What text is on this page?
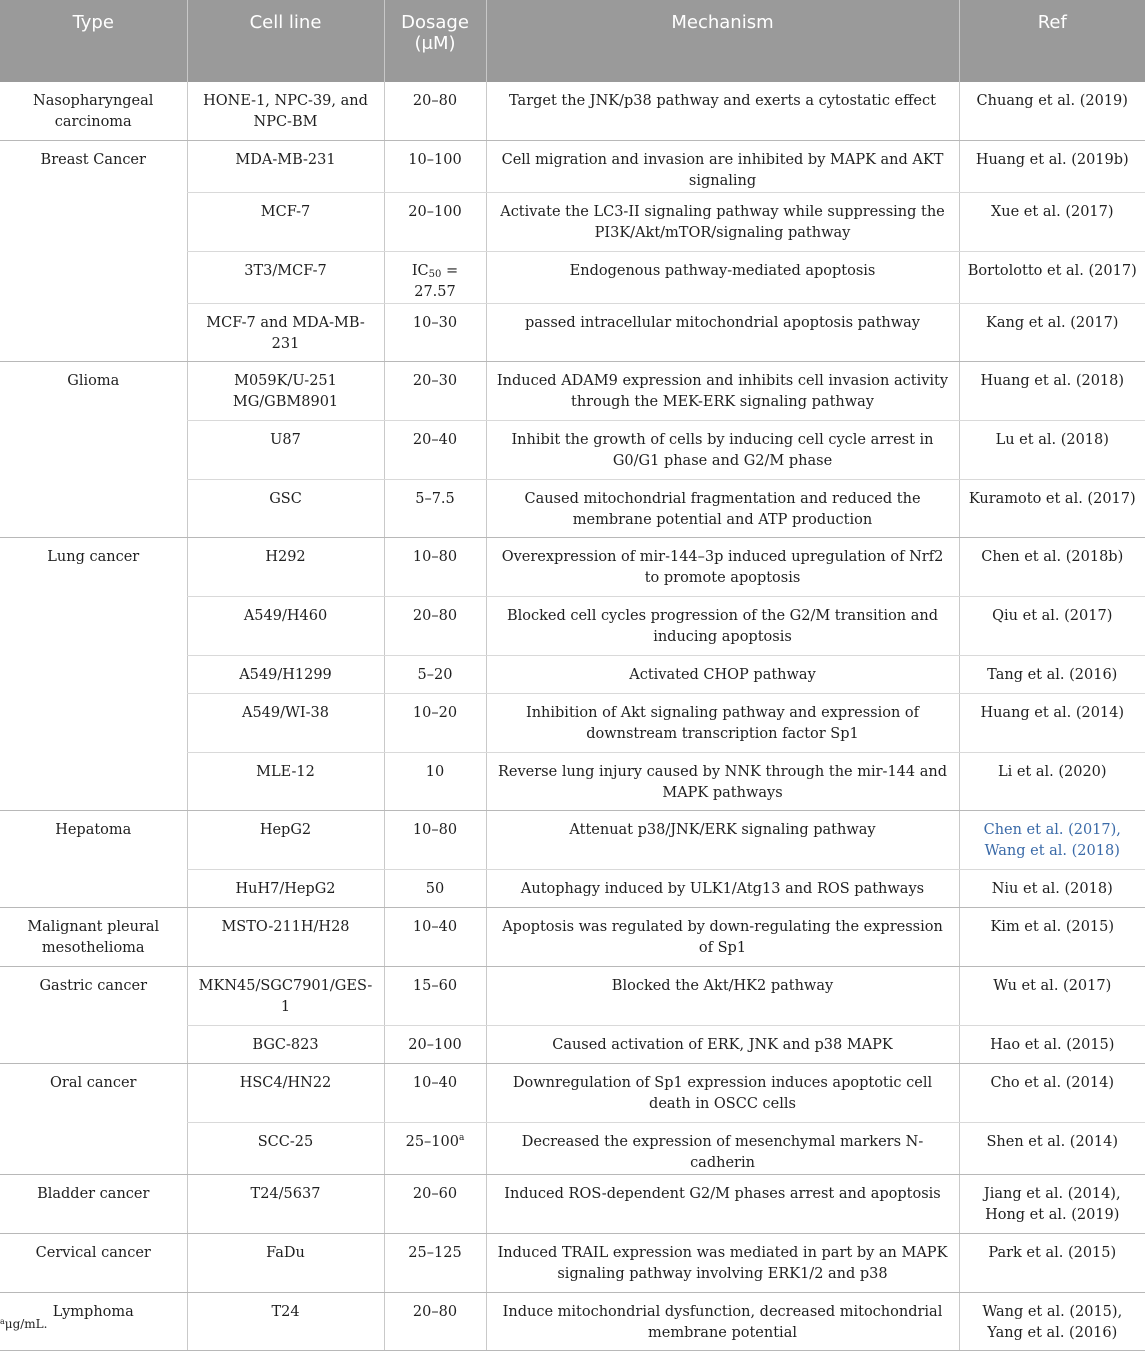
Type	Cell line	Dosage (μM)	Mechanism	Ref
Nasopharyngeal carcinoma	HONE-1, NPC-39, and NPC-BM	20–80	Target the JNK/p38 pathway and exerts a cytostatic effect	Chuang et al. (2019)
Breast Cancer	MDA-MB-231	10–100	Cell migration and invasion are inhibited by MAPK and AKT signaling	Huang et al. (2019b)
	MCF-7	20–100	Activate the LC3-II signaling pathway while suppressing the PI3K/Akt/mTOR/signaling pathway	Xue et al. (2017)
	3T3/MCF-7	$IC_{50} = 27.57$	Endogenous pathway-mediated apoptosis	Bortolotto et al. (2017)
	MCF-7 and MDA-MB-231	10–30	passed intracellular mitochondrial apoptosis pathway	Kang et al. (2017)
Glioma	M059K/U-251 MG/GBM8901	20–30	Induced ADAM9 expression and inhibits cell invasion activity through the MEK-ERK signaling pathway	Huang et al. (2018)
	U87	20–40	Inhibit the growth of cells by inducing cell cycle arrest in G0/G1 phase and G2/M phase	Lu et al. (2018)
	GSC	5–7.5	Caused mitochondrial fragmentation and reduced the membrane potential and ATP production	Kuramoto et al. (2017)
Lung cancer	H292	10–80	Overexpression of mir-144–3p induced upregulation of Nrf2 to promote apoptosis	Chen et al. (2018b)
	A549/H460	20–80	Blocked cell cycles progression of the G2/M transition and inducing apoptosis	Qiu et al. (2017)
	A549/H1299	5–20	Activated CHOP pathway	Tang et al. (2016)
	A549/WI-38	10–20	Inhibition of Akt signaling pathway and expression of downstream transcription factor Sp1	Huang et al. (2014)
	MLE-12	10	Reverse lung injury caused by NNK through the mir-144 and MAPK pathways	Li et al. (2020)
Hepatoma	HepG2	10–80	Attenuat p38/JNK/ERK signaling pathway	Chen et al. (2017), Wang et al. (2018)
	HuH7/HepG2	50	Autophagy induced by ULK1/Atg13 and ROS pathways	Niu et al. (2018)
Malignant pleural mesothelioma	MSTO-211H/H28	10–40	Apoptosis was regulated by down-regulating the expression of Sp1	Kim et al. (2015)
Gastric cancer	MKN45/SGC7901/GES-1	15–60	Blocked the Akt/HK2 pathway	Wu et al. (2017)
	BGC-823	20–100	Caused activation of ERK, JNK and p38 MAPK	Hao et al. (2015)
Oral cancer	HSC4/HN22	10–40	Downregulation of Sp1 expression induces apoptotic cell death in OSCC cells	Cho et al. (2014)
	SCC-25	25–100$^a$	Decreased the expression of mesenchymal markers N-cadherin	Shen et al. (2014)
Bladder cancer	T24/5637	20–60	Induced ROS-dependent G2/M phases arrest and apoptosis	Jiang et al. (2014), Hong et al. (2019)
Cervical cancer	FaDu	25–125	Induced TRAIL expression was mediated in part by an MAPK signaling pathway involving ERK1/2 and p38	Park et al. (2015)
Lymphoma	T24	20–80	Induce mitochondrial dysfunction, decreased mitochondrial membrane potential	Wang et al. (2015), Yang et al. (2016)
$^a$μg/mL.
